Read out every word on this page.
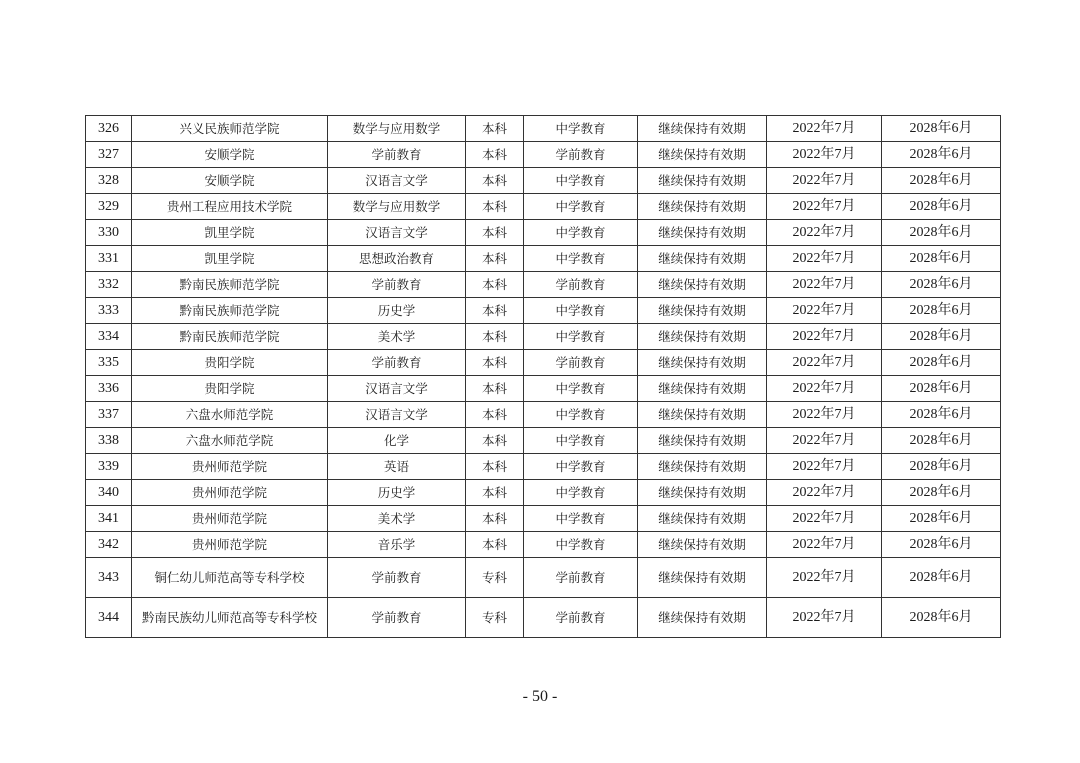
326	兴义民族师范学院	数学与应用数学	本科	中学教育	继续保持有效期	2022年7月	2028年6月
327	安顺学院	学前教育	本科	学前教育	继续保持有效期	2022年7月	2028年6月
328	安顺学院	汉语言文学	本科	中学教育	继续保持有效期	2022年7月	2028年6月
329	贵州工程应用技术学院	数学与应用数学	本科	中学教育	继续保持有效期	2022年7月	2028年6月
330	凯里学院	汉语言文学	本科	中学教育	继续保持有效期	2022年7月	2028年6月
331	凯里学院	思想政治教育	本科	中学教育	继续保持有效期	2022年7月	2028年6月
332	黔南民族师范学院	学前教育	本科	学前教育	继续保持有效期	2022年7月	2028年6月
333	黔南民族师范学院	历史学	本科	中学教育	继续保持有效期	2022年7月	2028年6月
334	黔南民族师范学院	美术学	本科	中学教育	继续保持有效期	2022年7月	2028年6月
335	贵阳学院	学前教育	本科	学前教育	继续保持有效期	2022年7月	2028年6月
336	贵阳学院	汉语言文学	本科	中学教育	继续保持有效期	2022年7月	2028年6月
337	六盘水师范学院	汉语言文学	本科	中学教育	继续保持有效期	2022年7月	2028年6月
338	六盘水师范学院	化学	本科	中学教育	继续保持有效期	2022年7月	2028年6月
339	贵州师范学院	英语	本科	中学教育	继续保持有效期	2022年7月	2028年6月
340	贵州师范学院	历史学	本科	中学教育	继续保持有效期	2022年7月	2028年6月
341	贵州师范学院	美术学	本科	中学教育	继续保持有效期	2022年7月	2028年6月
342	贵州师范学院	音乐学	本科	中学教育	继续保持有效期	2022年7月	2028年6月
343	铜仁幼儿师范高等专科学校	学前教育	专科	学前教育	继续保持有效期	2022年7月	2028年6月
344	黔南民族幼儿师范高等专科学校	学前教育	专科	学前教育	继续保持有效期	2022年7月	2028年6月
- 50 -
